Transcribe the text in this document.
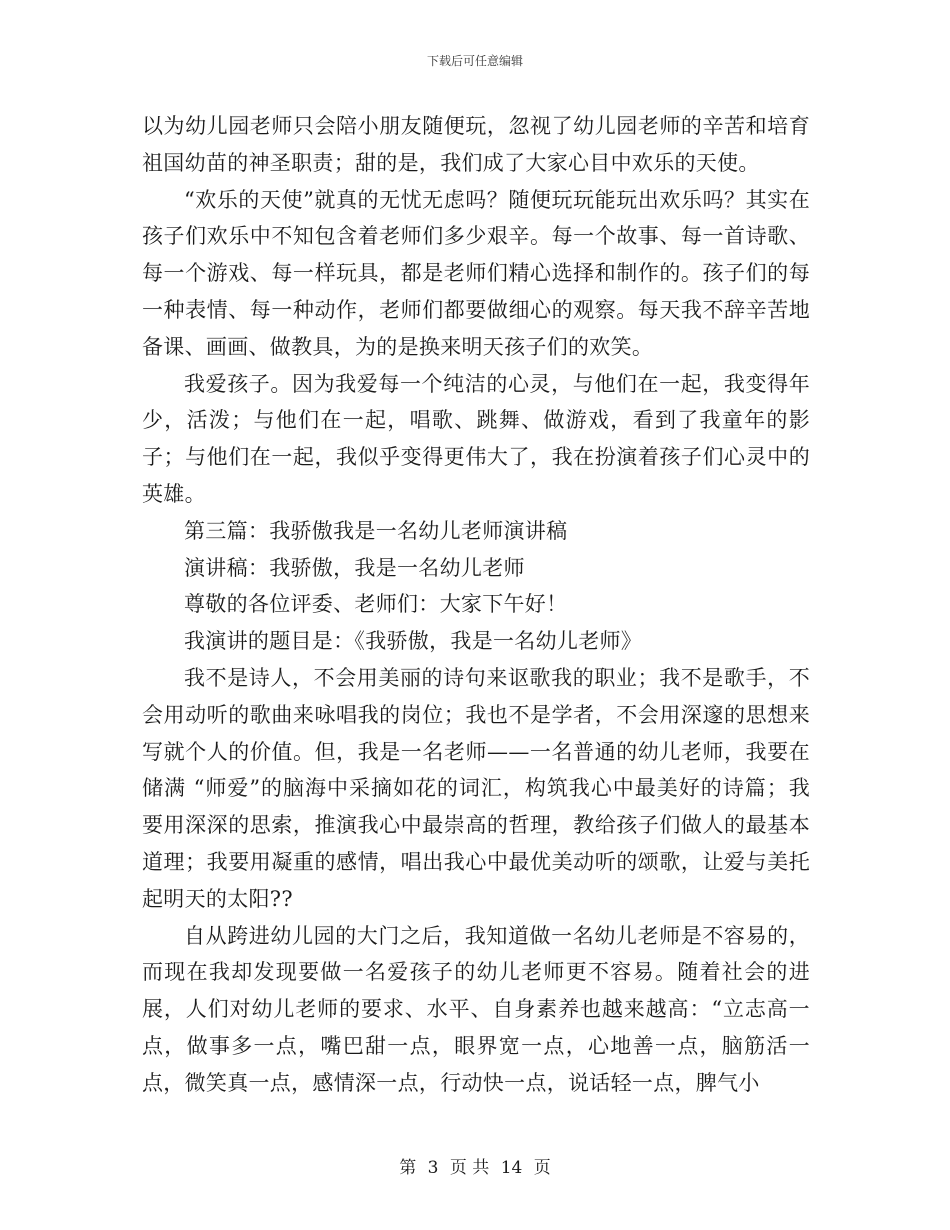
下载后可任意编辑

以为幼儿园老师只会陪小朋友随便玩，忽视了幼儿园老师的辛苦和培育祖国幼苗的神圣职责；甜的是，我们成了大家心目中欢乐的天使。

“欢乐的天使”就真的无忧无虑吗？随便玩玩能玩出欢乐吗？其实在孩子们欢乐中不知包含着老师们多少艰辛。每一个故事、每一首诗歌、每一个游戏、每一样玩具，都是老师们精心选择和制作的。孩子们的每一种表情、每一种动作，老师们都要做细心的观察。每天我不辞辛苦地备课、画画、做教具，为的是换来明天孩子们的欢笑。

我爱孩子。因为我爱每一个纯洁的心灵，与他们在一起，我变得年少，活泼；与他们在一起，唱歌、跳舞、做游戏，看到了我童年的影子；与他们在一起，我似乎变得更伟大了，我在扮演着孩子们心灵中的英雄。

第三篇：我骄傲我是一名幼儿老师演讲稿

演讲稿：我骄傲，我是一名幼儿老师

尊敬的各位评委、老师们：大家下午好！

我演讲的题目是：《我骄傲，我是一名幼儿老师》

我不是诗人，不会用美丽的诗句来讴歌我的职业；我不是歌手，不会用动听的歌曲来咏唱我的岗位；我也不是学者，不会用深邃的思想来写就个人的价值。但，我是一名老师——一名普通的幼儿老师，我要在储满 “师爱”的脑海中采摘如花的词汇，构筑我心中最美好的诗篇；我要用深深的思索，推演我心中最崇高的哲理，教给孩子们做人的最基本道理；我要用凝重的感情，唱出我心中最优美动听的颂歌，让爱与美托起明天的太阳??

自从跨进幼儿园的大门之后，我知道做一名幼儿老师是不容易的，而现在我却发现要做一名爱孩子的幼儿老师更不容易。随着社会的进展，人们对幼儿老师的要求、水平、自身素养也越来越高：“立志高一点，做事多一点，嘴巴甜一点，眼界宽一点，心地善一点，脑筋活一点，微笑真一点，感情深一点，行动快一点，说话轻一点，脾气小

第 3 页 共 14 页
